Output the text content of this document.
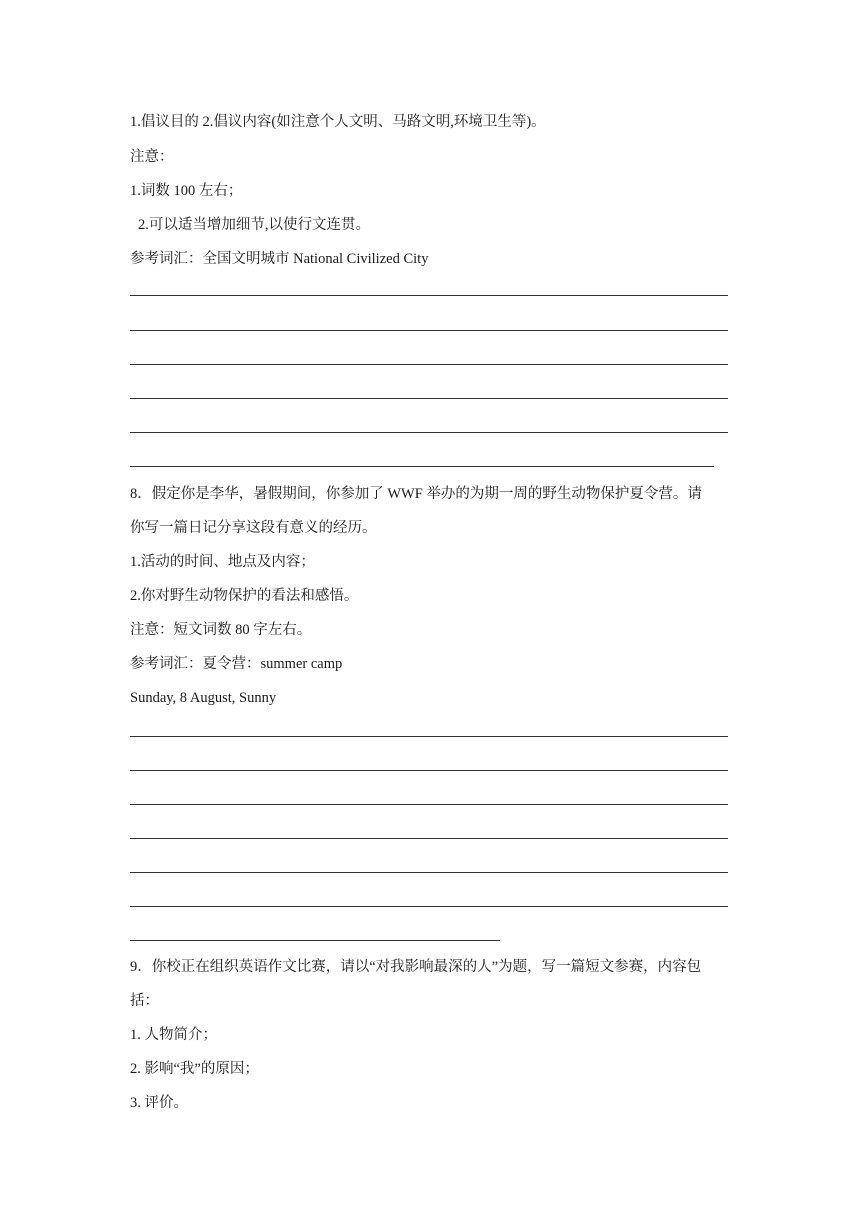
1.倡议目的 2.倡议内容(如注意个人文明、马路文明,环境卫生等)。
注意：
1.词数 100 左右；
2.可以适当增加细节,以使行文连贯。
参考词汇：全国文明城市 National Civilized City
8．假定你是李华，暑假期间，你参加了 WWF 举办的为期一周的野生动物保护夏令营。请
你写一篇日记分享这段有意义的经历。
1.活动的时间、地点及内容；
2.你对野生动物保护的看法和感悟。
注意：短文词数 80 字左右。
参考词汇：夏令营：summer camp
Sunday, 8 August, Sunny
9．你校正在组织英语作文比赛，请以“对我影响最深的人”为题，写一篇短文参赛，内容包
括：
1. 人物简介；
2. 影响“我”的原因；
3. 评价。
